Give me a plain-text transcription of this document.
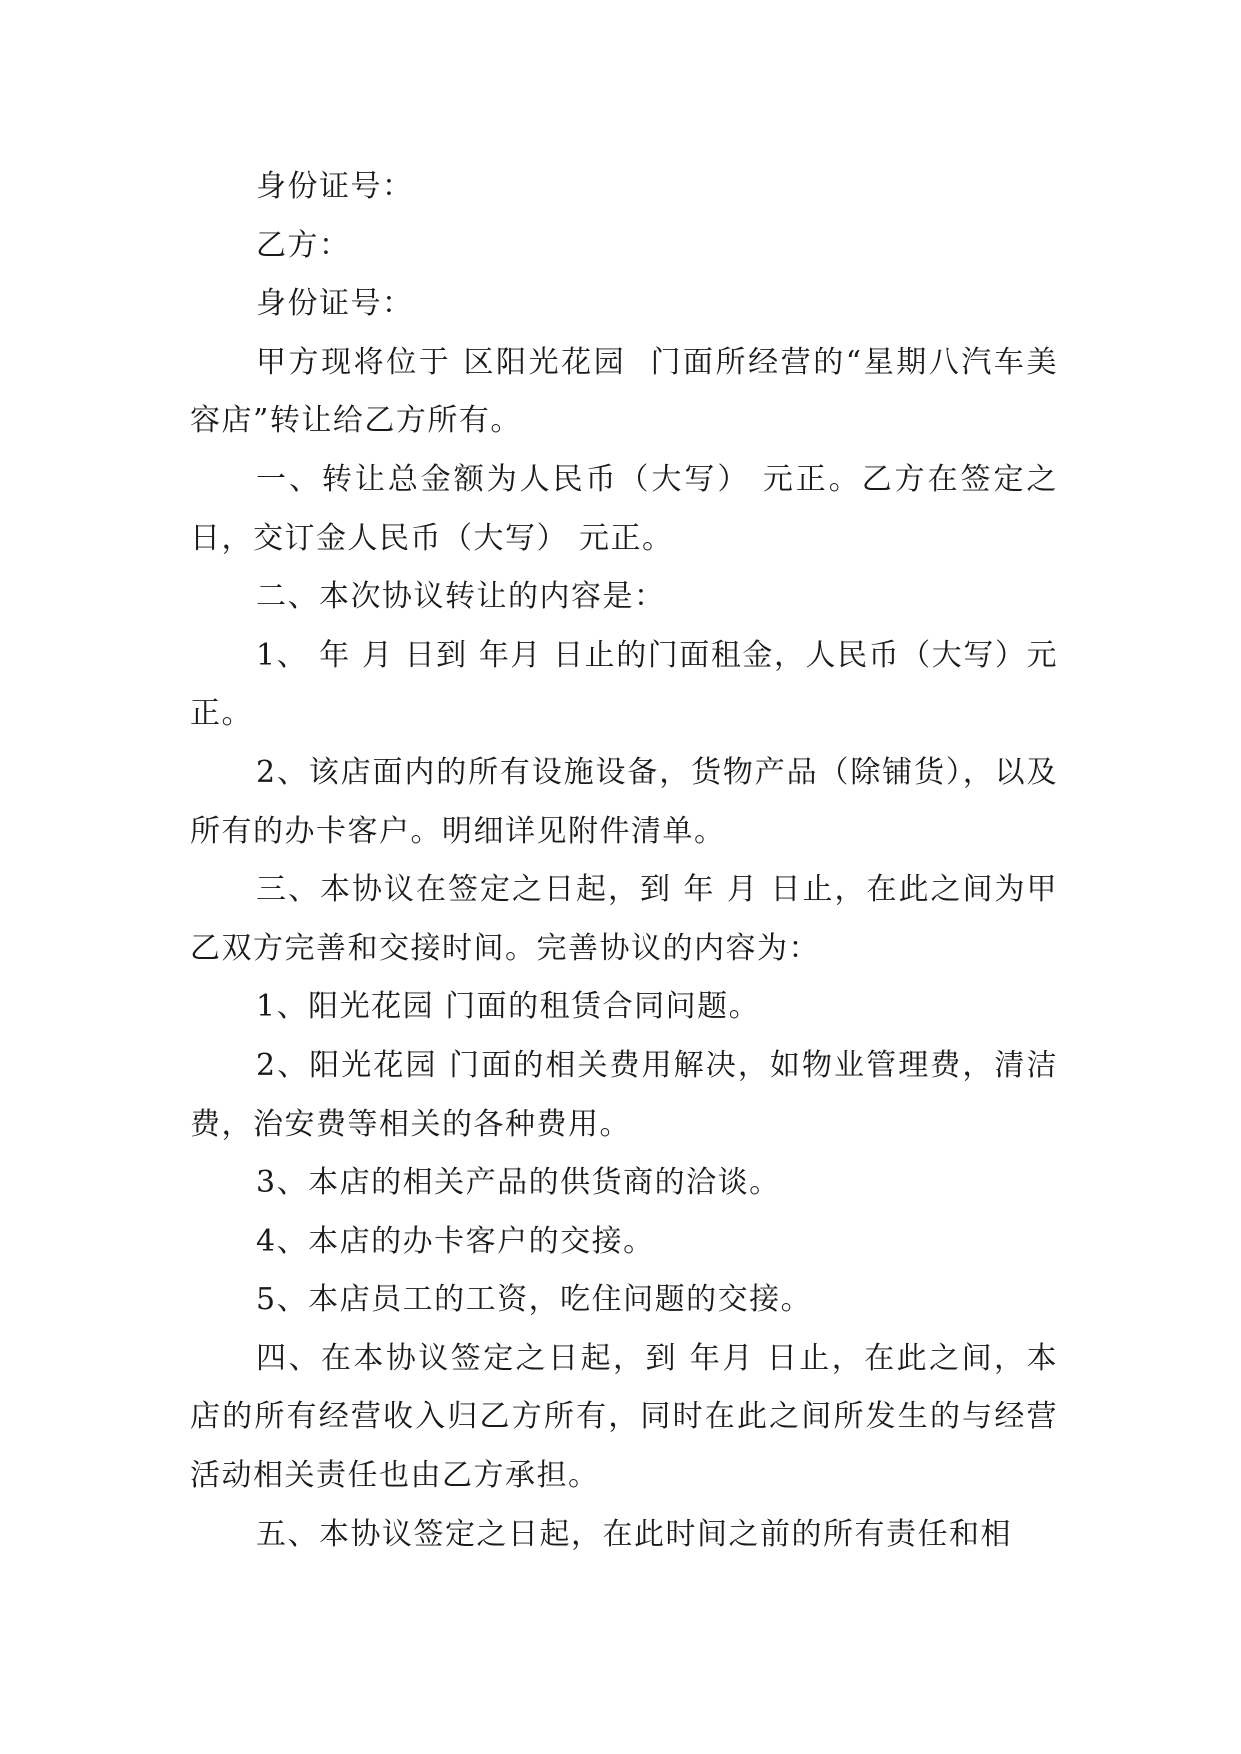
身份证号：

乙方：

身份证号：

甲方现将位于 区阳光花园  门面所经营的“星期八汽车美容店”转让给乙方所有。

一、转让总金额为人民币（大写） 元正。乙方在签定之日，交订金人民币（大写） 元正。

二、本次协议转让的内容是：

1、 年 月 日到 年月 日止的门面租金，人民币（大写）元正。

2、该店面内的所有设施设备，货物产品（除铺货），以及所有的办卡客户。明细详见附件清单。

三、本协议在签定之日起，到 年 月 日止，在此之间为甲乙双方完善和交接时间。完善协议的内容为：

1、阳光花园 门面的租赁合同问题。

2、阳光花园 门面的相关费用解决，如物业管理费，清洁费，治安费等相关的各种费用。

3、本店的相关产品的供货商的洽谈。

4、本店的办卡客户的交接。

5、本店员工的工资，吃住问题的交接。

四、在本协议签定之日起，到 年月 日止，在此之间，本店的所有经营收入归乙方所有，同时在此之间所发生的与经营活动相关责任也由乙方承担。

五、本协议签定之日起，在此时间之前的所有责任和相
